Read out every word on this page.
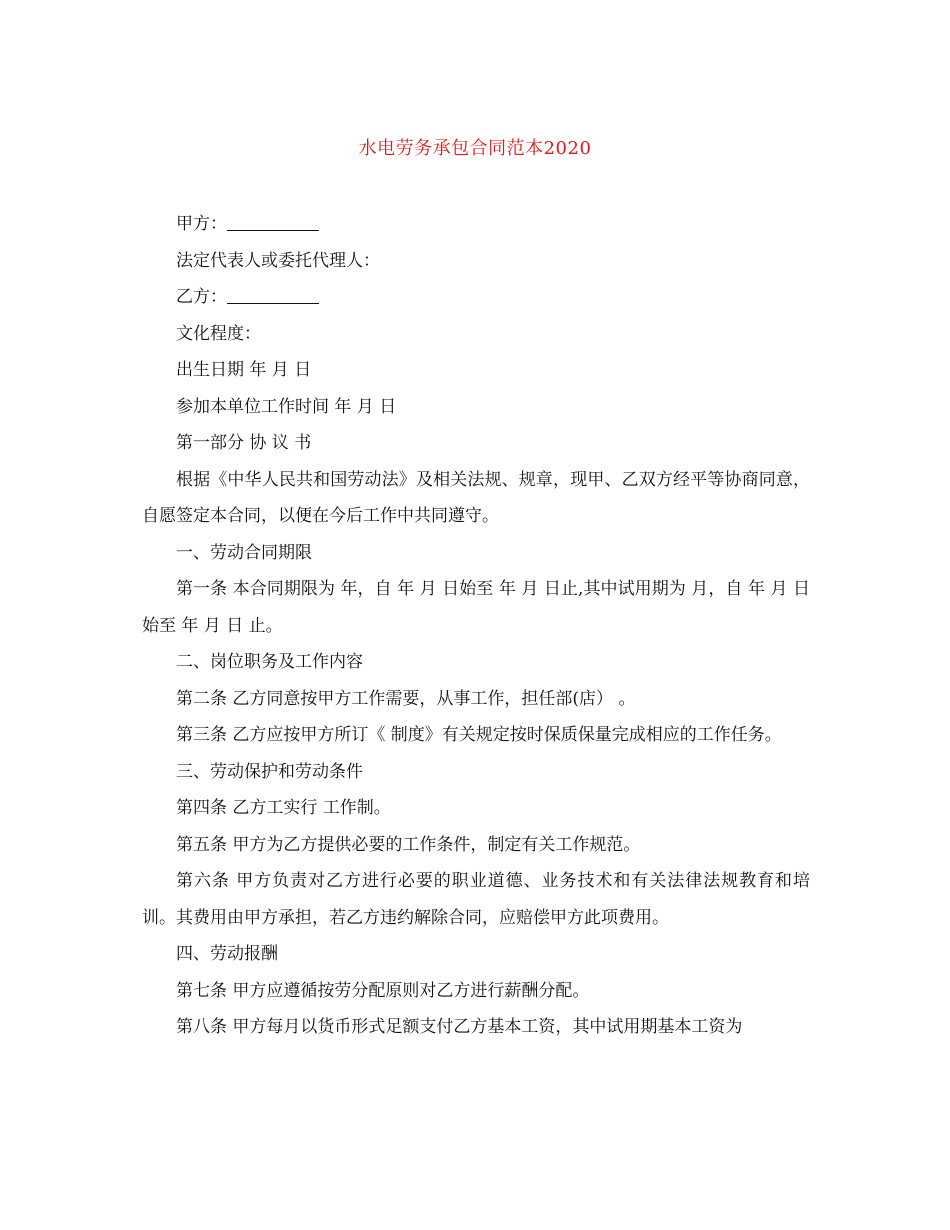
水电劳务承包合同范本2020

甲方：

法定代表人或委托代理人：

乙方：

文化程度：

出生日期 年 月 日

参加本单位工作时间 年 月 日

第一部分 协 议 书

根据《中华人民共和国劳动法》及相关法规、规章，现甲、乙双方经平等协商同意，自愿签定本合同，以便在今后工作中共同遵守。

一、劳动合同期限

第一条 本合同期限为 年，自 年 月 日始至 年 月 日止,其中试用期为 月，自 年 月 日始至 年 月 日 止。

二、岗位职务及工作内容

第二条 乙方同意按甲方工作需要，从事工作，担任部(店） 。

第三条 乙方应按甲方所订《 制度》有关规定按时保质保量完成相应的工作任务。

三、劳动保护和劳动条件

第四条 乙方工实行 工作制。

第五条 甲方为乙方提供必要的工作条件，制定有关工作规范。

第六条 甲方负责对乙方进行必要的职业道德、业务技术和有关法律法规教育和培训。其费用由甲方承担，若乙方违约解除合同，应赔偿甲方此项费用。

四、劳动报酬

第七条 甲方应遵循按劳分配原则对乙方进行薪酬分配。

第八条 甲方每月以货币形式足额支付乙方基本工资，其中试用期基本工资为
